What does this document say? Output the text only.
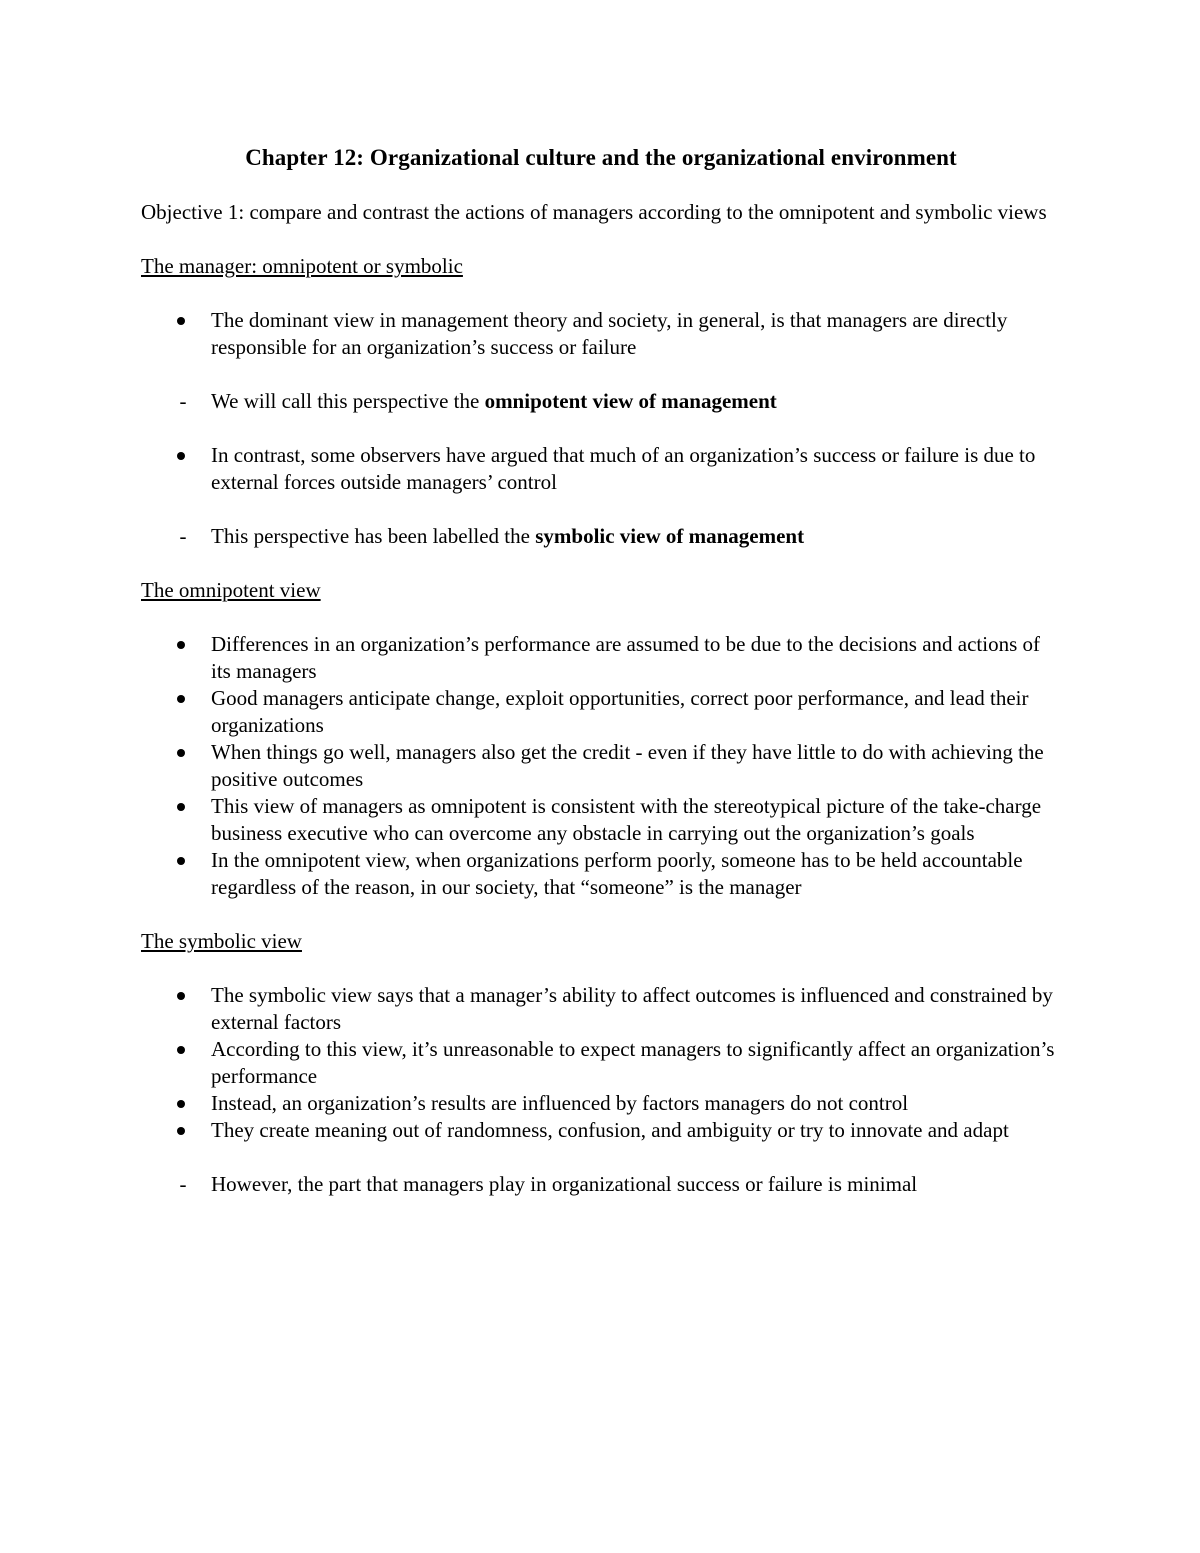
Chapter 12: Organizational culture and the organizational environment

Objective 1: compare and contrast the actions of managers according to the omnipotent and symbolic views

The manager: omnipotent or symbolic

The dominant view in management theory and society, in general, is that managers are directly responsible for an organization’s success or failure
-	We will call this perspective the omnipotent view of management
In contrast, some observers have argued that much of an organization’s success or failure is due to external forces outside managers’ control
-	This perspective has been labelled the symbolic view of management

The omnipotent view

Differences in an organization’s performance are assumed to be due to the decisions and actions of its managers
Good managers anticipate change, exploit opportunities, correct poor performance, and lead their organizations
When things go well, managers also get the credit - even if they have little to do with achieving the positive outcomes
This view of managers as omnipotent is consistent with the stereotypical picture of the take-charge business executive who can overcome any obstacle in carrying out the organization’s goals
In the omnipotent view, when organizations perform poorly, someone has to be held accountable regardless of the reason, in our society, that “someone” is the manager

The symbolic view

The symbolic view says that a manager’s ability to affect outcomes is influenced and constrained by external factors
According to this view, it’s unreasonable to expect managers to significantly affect an organization’s performance
Instead, an organization’s results are influenced by factors managers do not control
They create meaning out of randomness, confusion, and ambiguity or try to innovate and adapt
-	However, the part that managers play in organizational success or failure is minimal
